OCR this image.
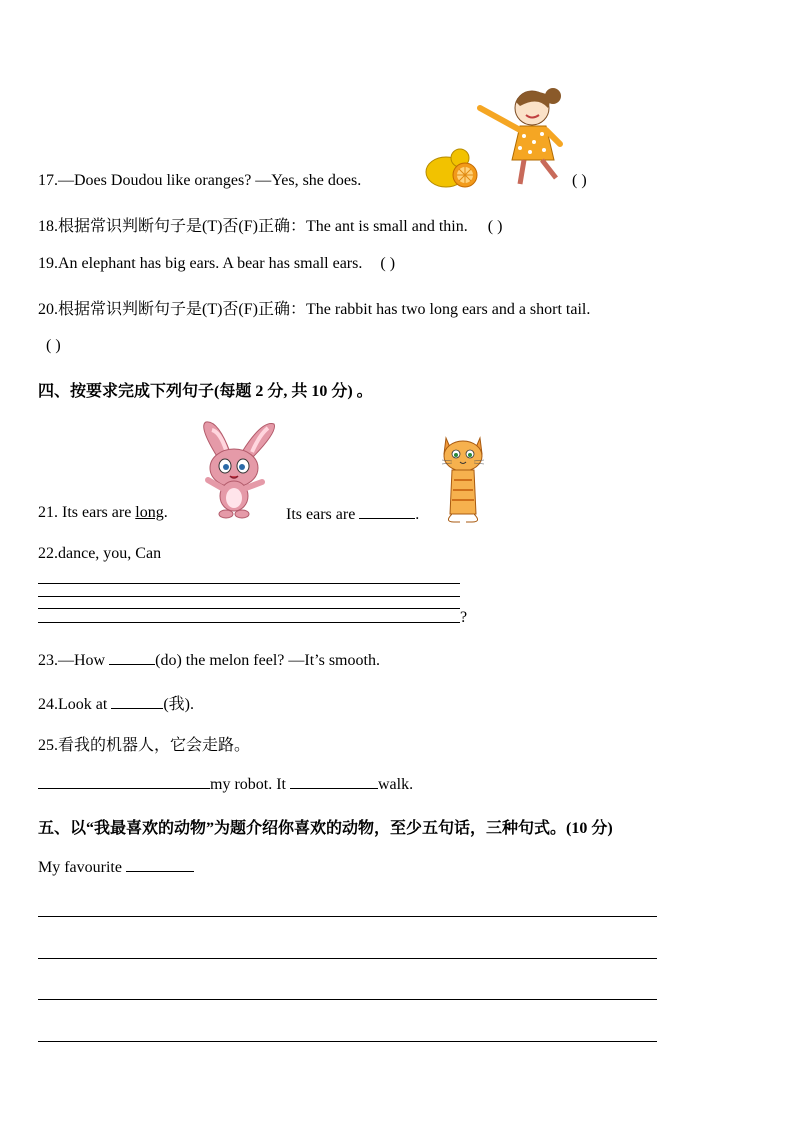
17.—Does Doudou like oranges? —Yes, she does.	( )
18.根据常识判断句子是(T)否(F)正确：The ant is small and thin. ( )
19.An elephant has big ears. A bear has small ears. ( )
20.根据常识判断句子是(T)否(F)正确：The rabbit has two long ears and a short tail.
( )
四、按要求完成下列句子(每题 2 分, 共 10 分) 。
21. Its ears are long.	Its ears are	.
22.dance, you, Can
?
23.—How	(do) the melon feel? —It’s smooth.
24.Look at	(我).
25.看我的机器人，它会走路。
my robot. It	walk.
五、以“我最喜欢的动物”为题介绍你喜欢的动物，至少五句话，三种句式。(10 分)
My favourite
